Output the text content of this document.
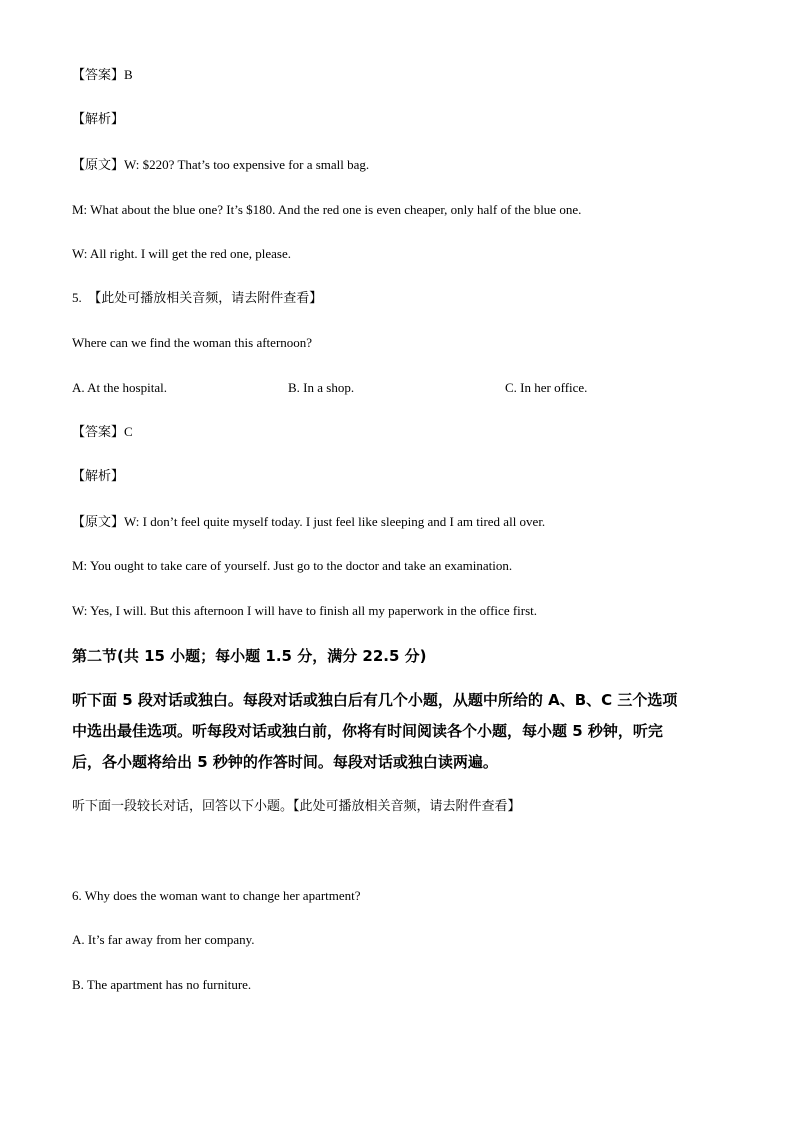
【答案】B
【解析】
【原文】W: $220? That’s too expensive for a small bag.
M: What about the blue one? It’s $180. And the red one is even cheaper, only half of the blue one.
W: All right. I will get the red one, please.
5. 【此处可播放相关音频，请去附件查看】
Where can we find the woman this afternoon?
A. At the hospital.	B. In a shop.	C. In her office.
【答案】C
【解析】
【原文】W: I don’t feel quite myself today. I just feel like sleeping and I am tired all over.
M: You ought to take care of yourself. Just go to the doctor and take an examination.
W: Yes, I will. But this afternoon I will have to finish all my paperwork in the office first.
第二节(共 15 小题；每小题 1.5 分，满分 22.5 分)
听下面 5 段对话或独白。每段对话或独白后有几个小题，从题中所给的 A、B、C 三个选项
中选出最佳选项。听每段对话或独白前，你将有时间阅读各个小题，每小题 5 秒钟，听完
后，各小题将给出 5 秒钟的作答时间。每段对话或独白读两遍。
听下面一段较长对话，回答以下小题。【此处可播放相关音频，请去附件查看】
6. Why does the woman want to change her apartment?
A. It’s far away from her company.
B. The apartment has no furniture.
